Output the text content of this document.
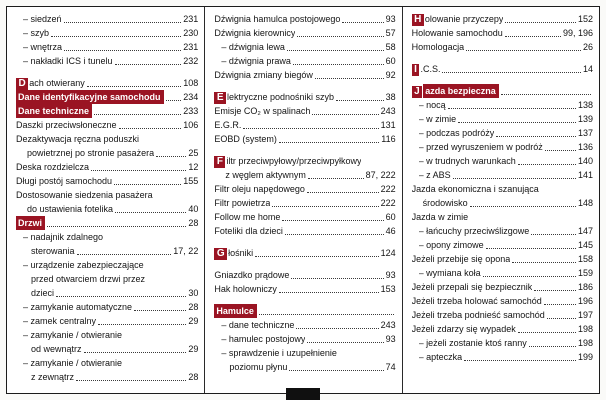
– siedzeń	231
– szyb	230
– wnętrza	231
– nakładki ICS i tunelu	232
D ach otwierany	108
Dane identyfikacyjne samochodu	234
Dane techniczne	233
Daszki przeciwsłoneczne	106
Dezaktywacja ręczna poduszki
powietrznej po stronie pasażera	25
Deska rozdzielcza	12
Długi postój samochodu	155
Dostosowanie siedzenia pasażera
do ustawienia fotelika	40
Drzwi	28
– nadajnik zdalnego
sterowania	17, 22
– urządzenie zabezpieczające
przed otwarciem drzwi przez
dzieci	30
– zamykanie automatyczne	28
– zamek centralny	29
– zamykanie / otwieranie
od wewnątrz	29
– zamykanie / otwieranie
z zewnątrz	28
Dźwignia hamulca postojowego	93
Dźwignia kierownicy	57
– dźwignia lewa	58
– dźwignia prawa	60
Dźwignia zmiany biegów	92
E lektryczne podnośniki szyb	38
Emisje CO₂ w spalinach	243
E.G.R.	131
EOBD (system)	116
F iltr przeciwpyłowy/przeciwpyłkowy
z węglem aktywnym	87, 222
Filtr oleju napędowego	222
Filtr powietrza	222
Follow me home	60
Foteliki dla dzieci	46
G łośniki	124
Gniazdko prądowe	93
Hak holowniczy	153
Hamulce
– dane techniczne	243
– hamulec postojowy	93
– sprawdzenie i uzupełnienie
poziomu płynu	74
H olowanie przyczepy	152
Holowanie samochodu	99, 196
Homologacja	26
I .C.S.	14
J azda bezpieczna
– nocą	138
– w zimie	139
– podczas podróży	137
– przed wyruszeniem w podróż	136
– w trudnych warunkach	140
– z ABS	141
Jazda ekonomiczna i szanująca
środowisko	148
Jazda w zimie
– łańcuchy przeciwślizgowe	147
– opony zimowe	145
Jeżeli przebije się opona	158
– wymiana koła	159
Jeżeli przepali się bezpiecznik	186
Jeżeli trzeba holować samochód	196
Jeżeli trzeba podnieść samochód	197
Jeżeli zdarzy się wypadek	198
– jeżeli zostanie ktoś ranny	198
– apteczka	199
